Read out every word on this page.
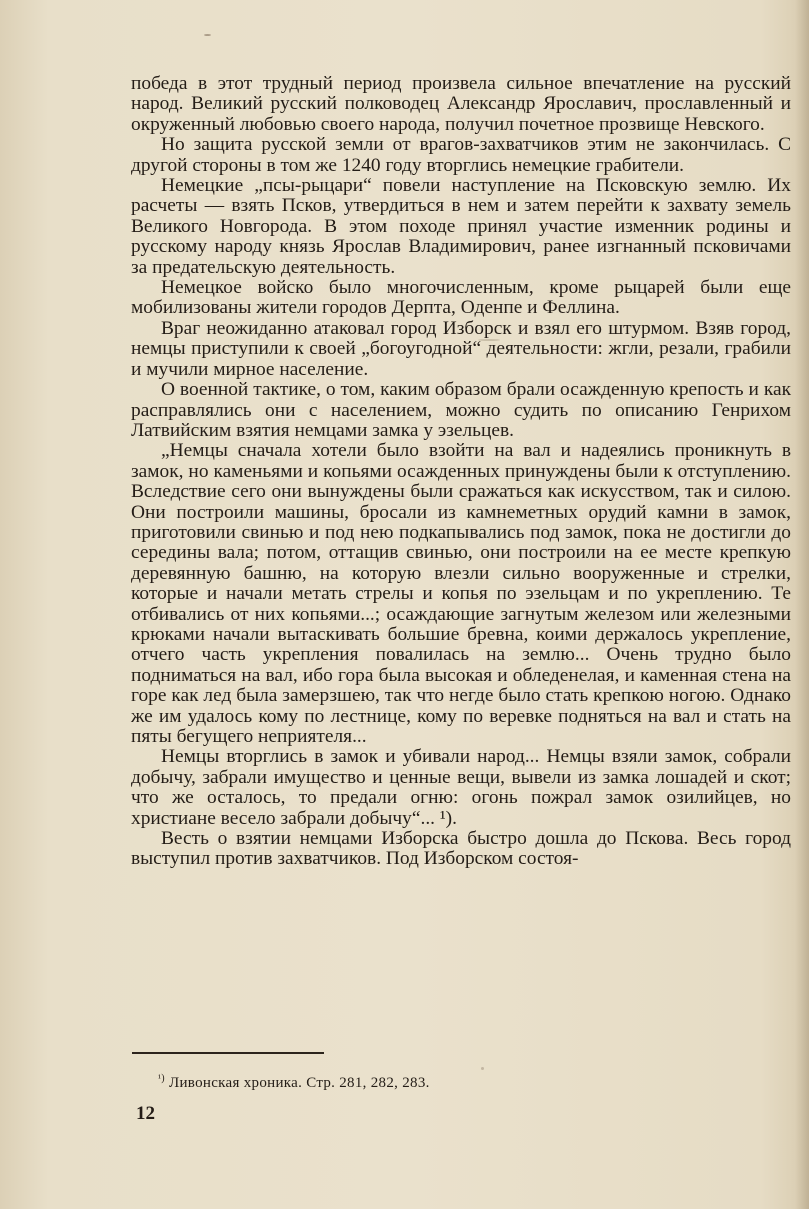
победа в этот трудный период произвела сильное впечатление на русский народ. Великий русский полководец Александр Ярославич, прославленный и окруженный любовью своего народа, получил почетное прозвище Невского.

Но защита русской земли от врагов-захватчиков этим не закончилась. С другой стороны в том же 1240 году вторглись немецкие грабители.

Немецкие „псы-рыцари“ повели наступление на Псковскую землю. Их расчеты — взять Псков, утвердиться в нем и затем перейти к захвату земель Великого Новгорода. В этом походе принял участие изменник родины и русскому народу князь Ярослав Владимирович, ранее изгнанный псковичами за предательскую деятельность.

Немецкое войско было многочисленным, кроме рыцарей были еще мобилизованы жители городов Дерпта, Оденпе и Феллина.

Враг неожиданно атаковал город Изборск и взял его штурмом. Взяв город, немцы приступили к своей „богоугодной“ деятельности: жгли, резали, грабили и мучили мирное население.

О военной тактике, о том, каким образом брали осажденную крепость и как расправлялись они с населением, можно судить по описанию Генрихом Латвийским взятия немцами замка у эзельцев.

„Немцы сначала хотели было взойти на вал и надеялись проникнуть в замок, но каменьями и копьями осажденных принуждены были к отступлению. Вследствие сего они вынуждены были сражаться как искусством, так и силою. Они построили машины, бросали из камнеметных орудий камни в замок, приготовили свинью и под нею подкапывались под замок, пока не достигли до середины вала; потом, оттащив свинью, они построили на ее месте крепкую деревянную башню, на которую влезли сильно вооруженные и стрелки, которые и начали метать стрелы и копья по эзельцам и по укреплению. Те отбивались от них копьями...; осаждающие загнутым железом или железными крюками начали вытаскивать большие бревна, коими держалось укрепление, отчего часть укрепления повалилась на землю... Очень трудно было подниматься на вал, ибо гора была высокая и обледенелая, и каменная стена на горе как лед была замерзшею, так что негде было стать крепкою ногою. Однако же им удалось кому по лестнице, кому по веревке подняться на вал и стать на пяты бегущего неприятеля...

Немцы вторглись в замок и убивали народ... Немцы взяли замок, собрали добычу, забрали имущество и ценные вещи, вывели из замка лошадей и скот; что же осталось, то предали огню: огонь пожрал замок озилийцев, но христиане весело забрали добычу“... ¹).

Весть о взятии немцами Изборска быстро дошла до Пскова. Весь город выступил против захватчиков. Под Изборском состоя-

$^{^1)}$ Ливонская хроника. Стр. 281, 282, 283.
12
